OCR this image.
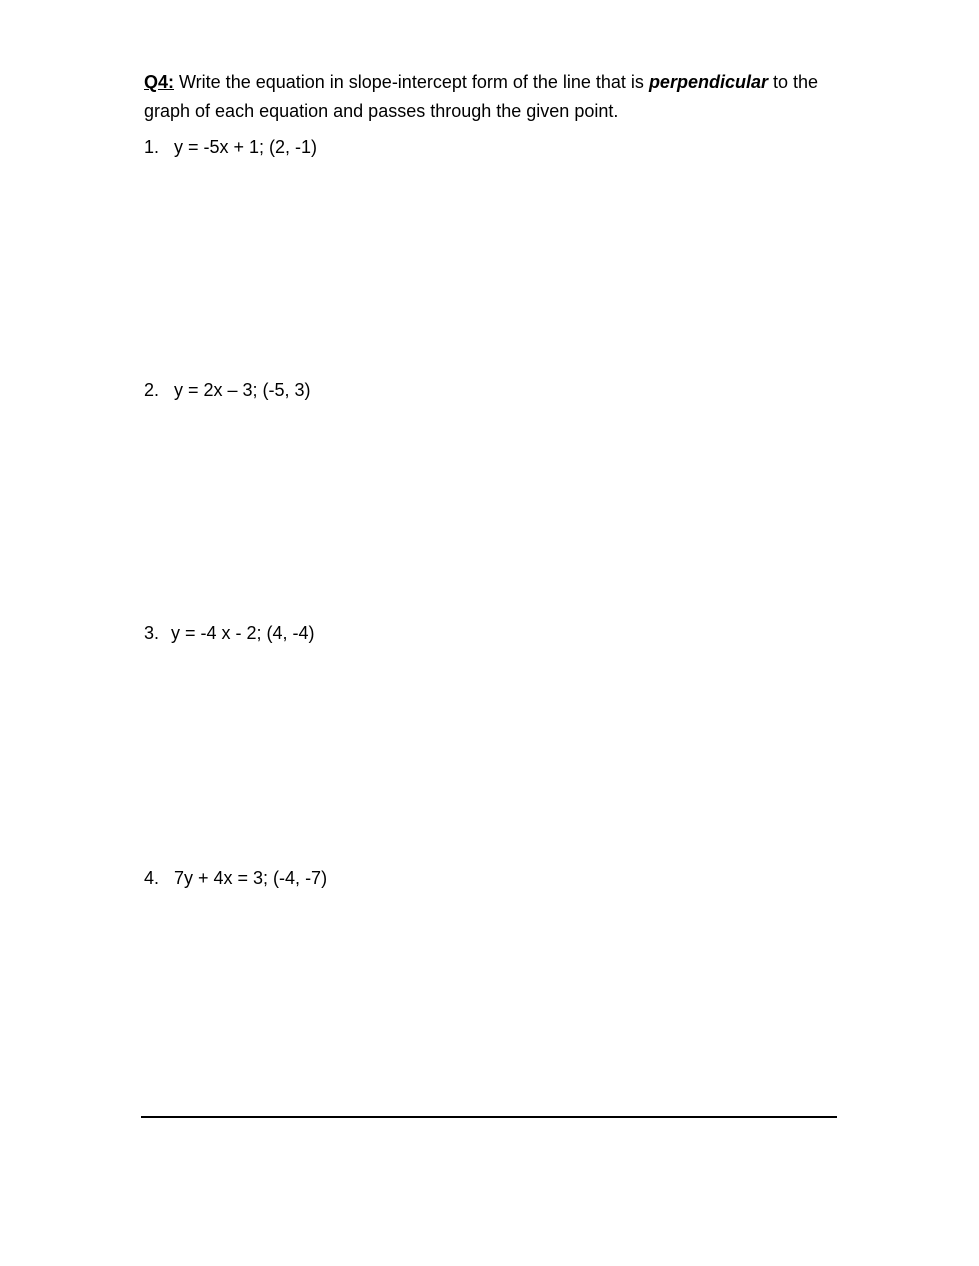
Q4: Write the equation in slope-intercept form of the line that is perpendicular to the graph of each equation and passes through the given point.
1. y = -5x + 1; (2, -1)
2. y = 2x – 3; (-5, 3)
3. y = -4 x - 2; (4, -4)
4. 7y + 4x = 3; (-4, -7)
